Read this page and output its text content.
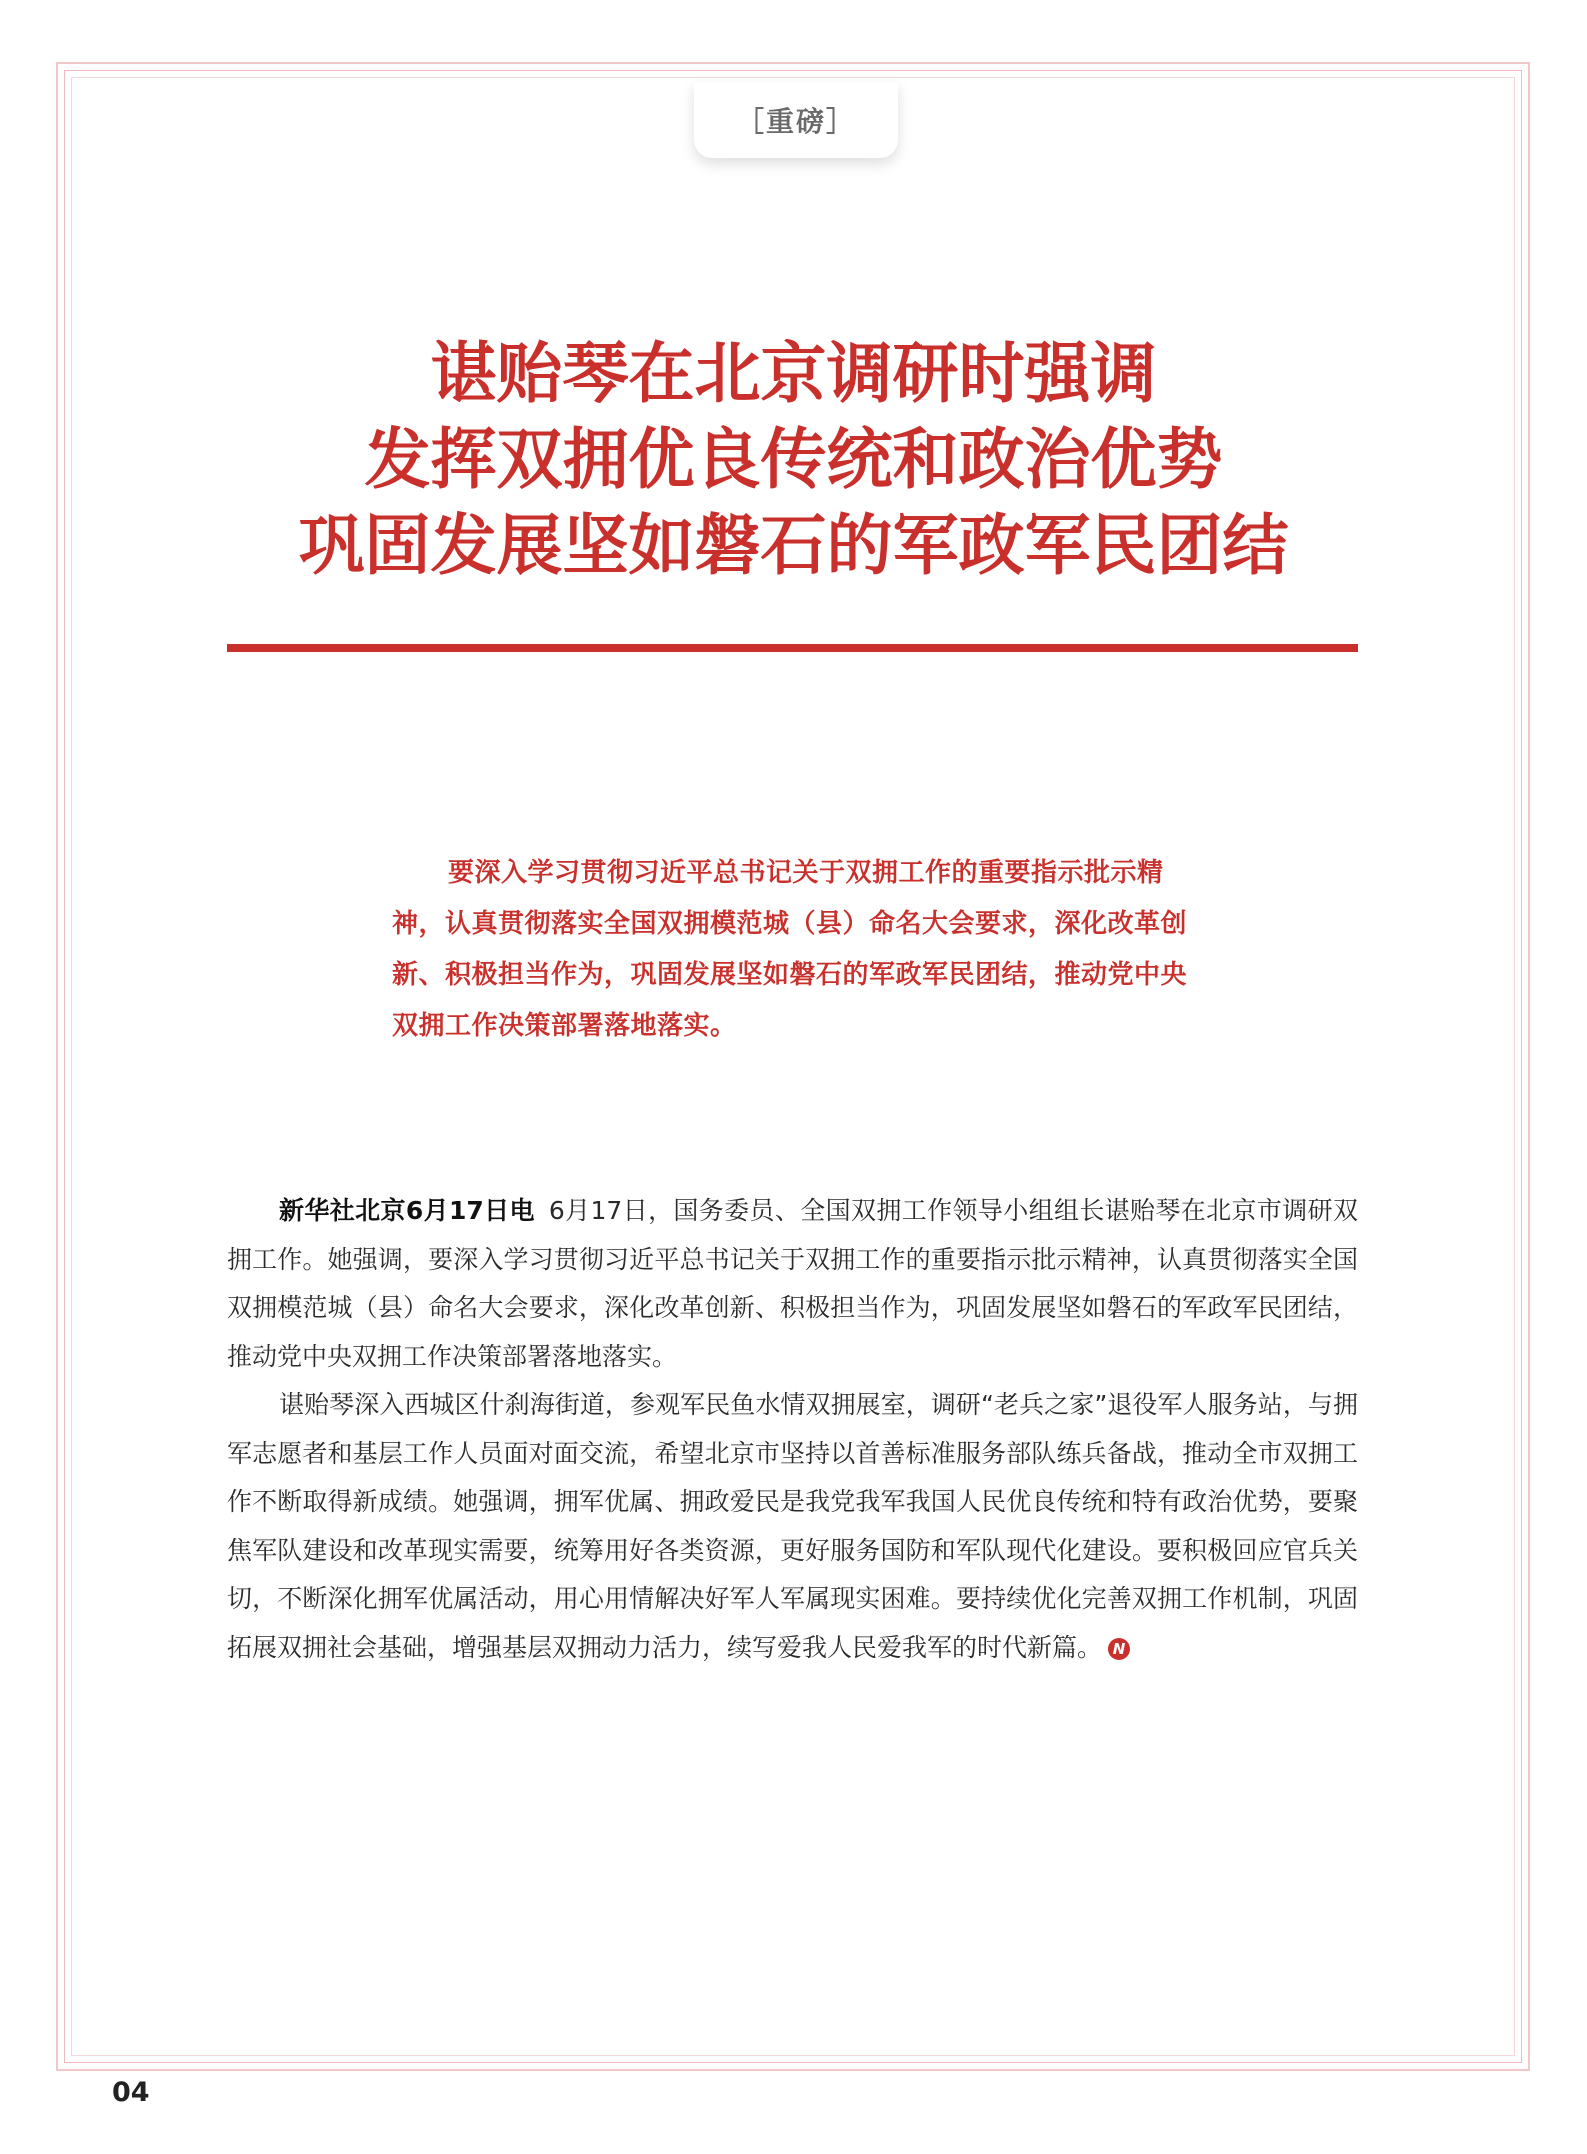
［重磅］
谌贻琴在北京调研时强调
发挥双拥优良传统和政治优势
巩固发展坚如磐石的军政军民团结

要深入学习贯彻习近平总书记关于双拥工作的重要指示批示精神，认真贯彻落实全国双拥模范城（县）命名大会要求，深化改革创新、积极担当作为，巩固发展坚如磐石的军政军民团结，推动党中央双拥工作决策部署落地落实。

新华社北京6月17日电 6月17日，国务委员、全国双拥工作领导小组组长谌贻琴在北京市调研双拥工作。她强调，要深入学习贯彻习近平总书记关于双拥工作的重要指示批示精神，认真贯彻落实全国双拥模范城（县）命名大会要求，深化改革创新、积极担当作为，巩固发展坚如磐石的军政军民团结，推动党中央双拥工作决策部署落地落实。

谌贻琴深入西城区什刹海街道，参观军民鱼水情双拥展室，调研“老兵之家”退役军人服务站，与拥军志愿者和基层工作人员面对面交流，希望北京市坚持以首善标准服务部队练兵备战，推动全市双拥工作不断取得新成绩。她强调，拥军优属、拥政爱民是我党我军我国人民优良传统和特有政治优势，要聚焦军队建设和改革现实需要，统筹用好各类资源，更好服务国防和军队现代化建设。要积极回应官兵关切，不断深化拥军优属活动，用心用情解决好军人军属现实困难。要持续优化完善双拥工作机制，巩固拓展双拥社会基础，增强基层双拥动力活力，续写爱我人民爱我军的时代新篇。 N

04
